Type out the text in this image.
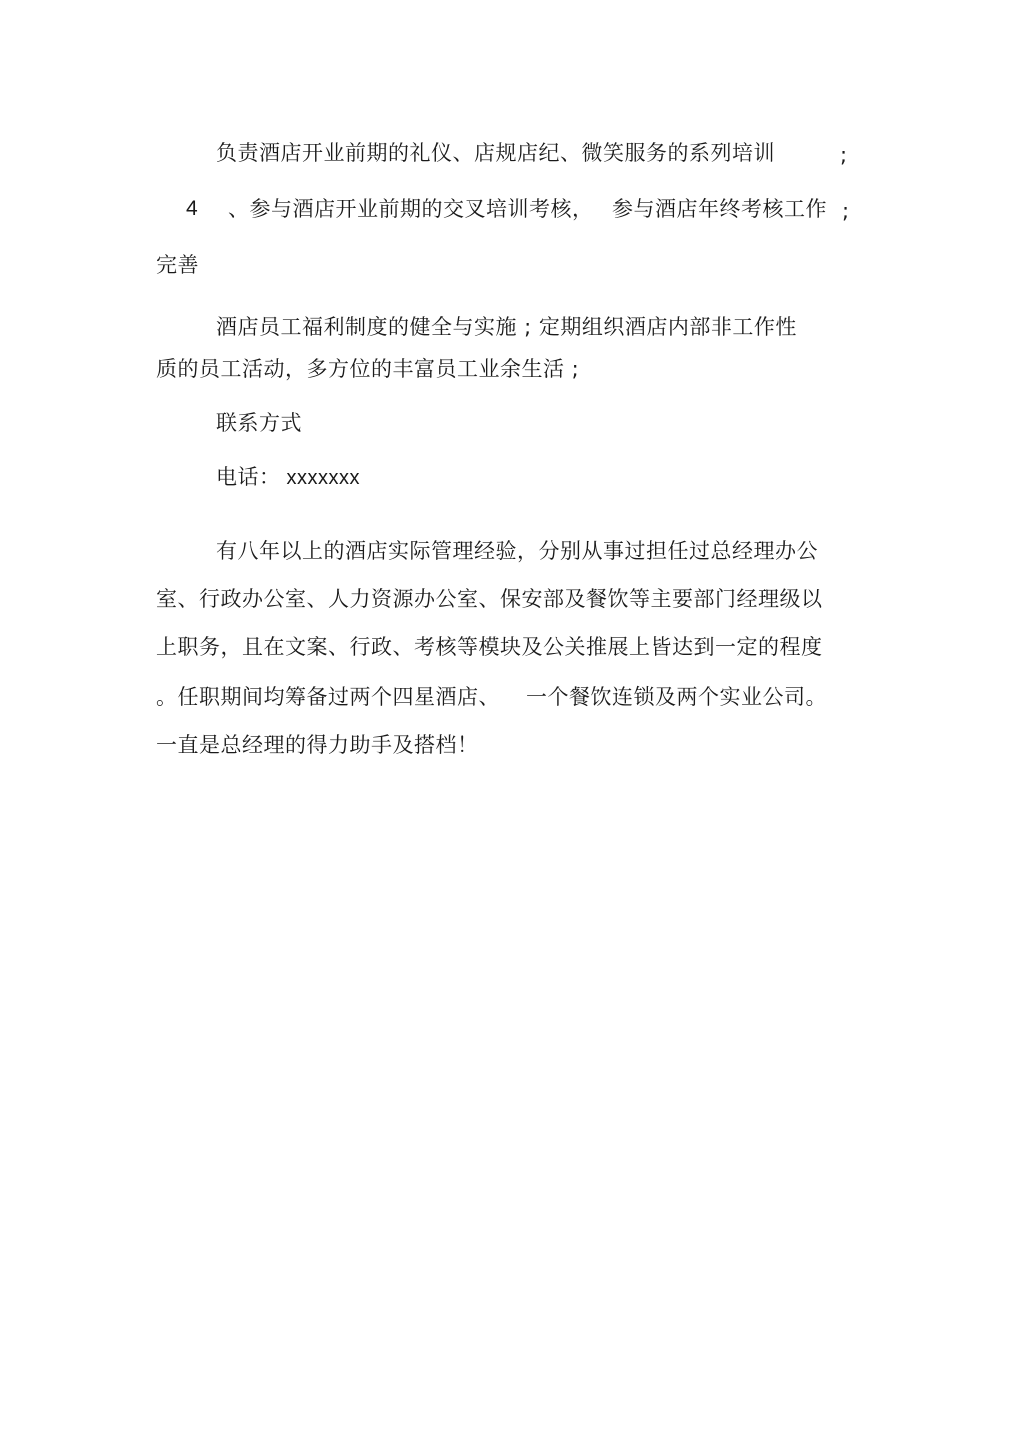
负责酒店开业前期的礼仪、店规店纪、微笑服务的系列培训	;
4 、参与酒店开业前期的交叉培训考核， 参与酒店年终考核工作 ;
完善
酒店员工福利制度的健全与实施 ; 定期组织酒店内部非工作性
质的员工活动，多方位的丰富员工业余生活 ;
联系方式
电话： xxxxxxx
有八年以上的酒店实际管理经验，分别从事过担任过总经理办公
室、行政办公室、人力资源办公室、保安部及餐饮等主要部门经理级以
上职务，且在文案、行政、考核等模块及公关推展上皆达到一定的程度
。任职期间均筹备过两个四星酒店、 一个餐饮连锁及两个实业公司。
一直是总经理的得力助手及搭档！
